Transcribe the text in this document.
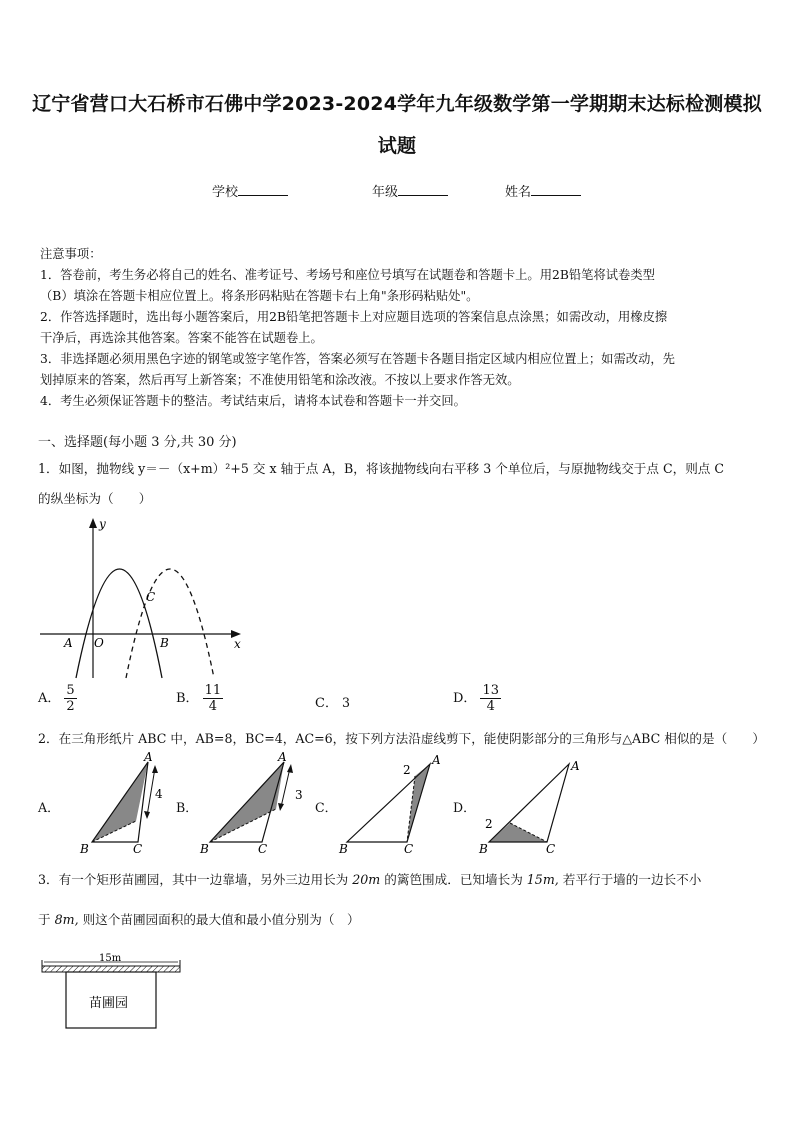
辽宁省营口大石桥市石佛中学2023-2024学年九年级数学第一学期期末达标检测模拟
试题
学校	年级	姓名
注意事项：
1．答卷前，考生务必将自己的姓名、准考证号、考场号和座位号填写在试题卷和答题卡上。用2B铅笔将试卷类型
（B）填涂在答题卡相应位置上。将条形码粘贴在答题卡右上角"条形码粘贴处"。
2．作答选择题时，选出每小题答案后，用2B铅笔把答题卡上对应题目选项的答案信息点涂黑；如需改动，用橡皮擦
干净后，再选涂其他答案。答案不能答在试题卷上。
3．非选择题必须用黑色字迹的钢笔或签字笔作答，答案必须写在答题卡各题目指定区域内相应位置上；如需改动，先
划掉原来的答案，然后再写上新答案；不准使用铅笔和涂改液。不按以上要求作答无效。
4．考生必须保证答题卡的整洁。考试结束后，请将本试卷和答题卡一并交回。
一、选择题(每小题 3 分,共 30 分)
1．如图，抛物线 y＝－（x+m）²+5 交 x 轴于点 A，B，将该抛物线向右平移 3 个单位后，与原抛物线交于点 C，则点 C
的纵坐标为（　　）
y
x
A O	B
C
A． $\frac{5}{2}$	B． $\frac{11}{4}$	C． 3	D． $\frac{13}{4}$
2．在三角形纸片 ABC 中，AB=8，BC=4，AC=6，按下列方法沿虚线剪下，能使阴影部分的三角形与△ABC 相似的是（　　）
A．
A
B	C
4
B．
A
B	C
3
C．
A
B	C
2
D．
A
B	C
2
3．有一个矩形苗圃园，其中一边靠墙，另外三边用长为 20m 的篱笆围成．已知墙长为 15m, 若平行于墙的一边长不小
于 8m, 则这个苗圃园面积的最大值和最小值分别为（　）
15m
苗圃园
